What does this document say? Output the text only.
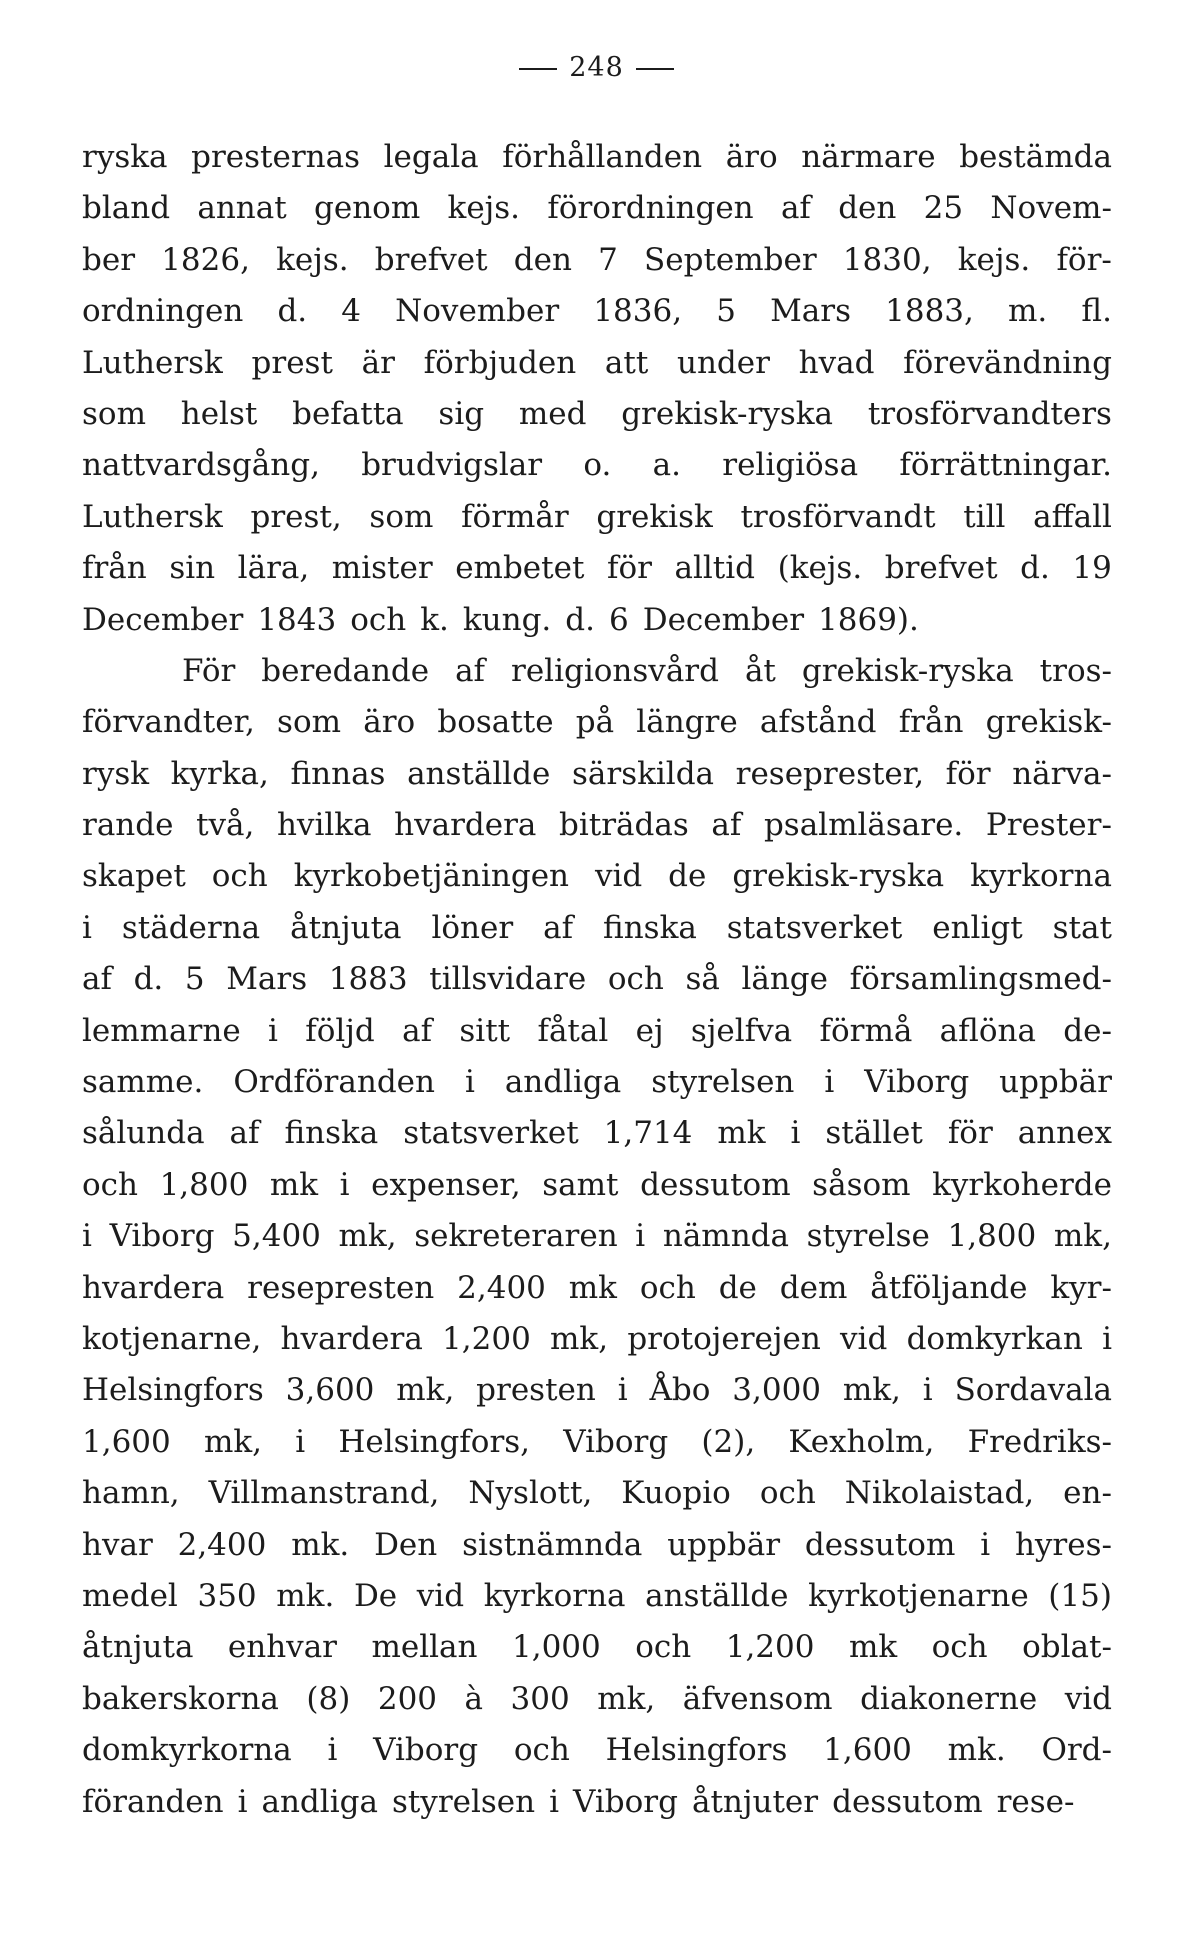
248
ryska presternas legala förhållanden äro närmare bestämda
bland annat genom kejs. förordningen af den 25 Novem-
ber 1826, kejs. brefvet den 7 September 1830, kejs. för-
ordningen d. 4 November 1836, 5 Mars 1883, m. fl.
Luthersk prest är förbjuden att under hvad förevändning
som helst befatta sig med grekisk-ryska trosförvandters
nattvardsgång, brudvigslar o. a. religiösa förrättningar.
Luthersk prest, som förmår grekisk trosförvandt till affall
från sin lära, mister embetet för alltid (kejs. brefvet d. 19
December 1843 och k. kung. d. 6 December 1869).
För beredande af religionsvård åt grekisk-ryska tros-
förvandter, som äro bosatte på längre afstånd från grekisk-
rysk kyrka, finnas anställde särskilda reseprester, för närva-
rande två, hvilka hvardera biträdas af psalmläsare. Prester-
skapet och kyrkobetjäningen vid de grekisk-ryska kyrkorna
i städerna åtnjuta löner af finska statsverket enligt stat
af d. 5 Mars 1883 tillsvidare och så länge församlingsmed-
lemmarne i följd af sitt fåtal ej sjelfva förmå aflöna de-
samme. Ordföranden i andliga styrelsen i Viborg uppbär
sålunda af finska statsverket 1,714 mk i stället för annex
och 1,800 mk i expenser, samt dessutom såsom kyrkoherde
i Viborg 5,400 mk, sekreteraren i nämnda styrelse 1,800 mk,
hvardera resepresten 2,400 mk och de dem åtföljande kyr-
kotjenarne, hvardera 1,200 mk, protojerejen vid domkyrkan i
Helsingfors 3,600 mk, presten i Åbo 3,000 mk, i Sordavala
1,600 mk, i Helsingfors, Viborg (2), Kexholm, Fredriks-
hamn, Villmanstrand, Nyslott, Kuopio och Nikolaistad, en-
hvar 2,400 mk. Den sistnämnda uppbär dessutom i hyres-
medel 350 mk. De vid kyrkorna anställde kyrkotjenarne (15)
åtnjuta enhvar mellan 1,000 och 1,200 mk och oblat-
bakerskorna (8) 200 à 300 mk, äfvensom diakonerne vid
domkyrkorna i Viborg och Helsingfors 1,600 mk. Ord-
föranden i andliga styrelsen i Viborg åtnjuter dessutom rese-
